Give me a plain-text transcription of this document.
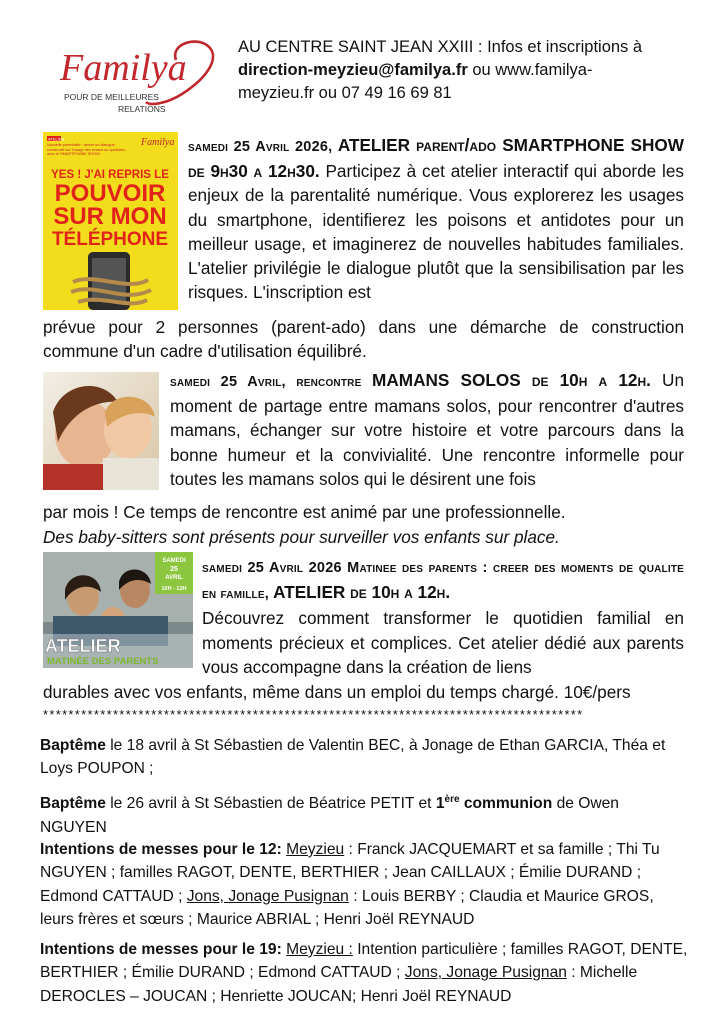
Familya
POUR DE MEILLEURES
RELATIONS
AU CENTRE SAINT JEAN XXIII : Infos et inscriptions à
direction-meyzieu@familya.fr ou www.familya-
meyzieu.fr ou 07 49 16 69 81
ATELIER
Nouvelle parentalité : lancer un dialogue constructif sur l'usage des écrans au quotidien, avec le SMARTPHONE SHOW
Familya
YES ! J'AI REPRIS LE
POUVOIR
SUR MON
TÉLÉPHONE
samedi 25 Avril 2026, ATELIER parent/ado SMARTPHONE SHOW de 9h30 a 12h30. Participez à cet atelier interactif qui aborde les enjeux de la parentalité numérique. Vous explorerez les usages du smartphone, identifierez les poisons et antidotes pour un meilleur usage, et imaginerez de nouvelles habitudes familiales. L'atelier privilégie le dialogue plutôt que la sensibilisation par les risques. L'inscription est
prévue pour 2 personnes (parent-ado) dans une démarche de construction commune d'un cadre d'utilisation équilibré.
samedi 25 Avril, rencontre MAMANS SOLOS de 10h a 12h. Un moment de partage entre mamans solos, pour rencontrer d'autres mamans, échanger sur votre histoire et votre parcours dans la bonne humeur et la convivialité. Une rencontre informelle pour toutes les mamans solos qui le désirent une fois
par mois ! Ce temps de rencontre est animé par une professionnelle.
Des baby-sitters sont présents pour surveiller vos enfants sur place.
SAMEDI
25
AVRIL
10H - 12H
ATELIER
MATINÉE DES PARENTS
samedi 25 Avril 2026 Matinee des parents : creer des moments de qualite en famille, ATELIER de 10h a 12h.
Découvrez comment transformer le quotidien familial en moments précieux et complices. Cet atelier dédié aux parents vous accompagne dans la création de liens
durables avec vos enfants, même dans un emploi du temps chargé. 10€/pers
*************************************************************************************
Baptême le 18 avril à St Sébastien de Valentin BEC, à Jonage de Ethan GARCIA, Théa et Loys POUPON ;
Baptême le 26 avril à St Sébastien de Béatrice PETIT et 1ère communion de Owen NGUYEN
Intentions de messes pour le 12: Meyzieu : Franck JACQUEMART et sa famille ; Thi Tu NGUYEN ; familles RAGOT, DENTE, BERTHIER ; Jean CAILLAUX ; Émilie DURAND ; Edmond CATTAUD ; Jons, Jonage Pusignan : Louis BERBY ; Claudia et Maurice GROS, leurs frères et sœurs ; Maurice ABRIAL ; Henri Joël REYNAUD
Intentions de messes pour le 19: Meyzieu : Intention particulière ; familles RAGOT, DENTE, BERTHIER ; Émilie DURAND ; Edmond CATTAUD ; Jons, Jonage Pusignan : Michelle DEROCLES – JOUCAN ; Henriette JOUCAN; Henri Joël REYNAUD
